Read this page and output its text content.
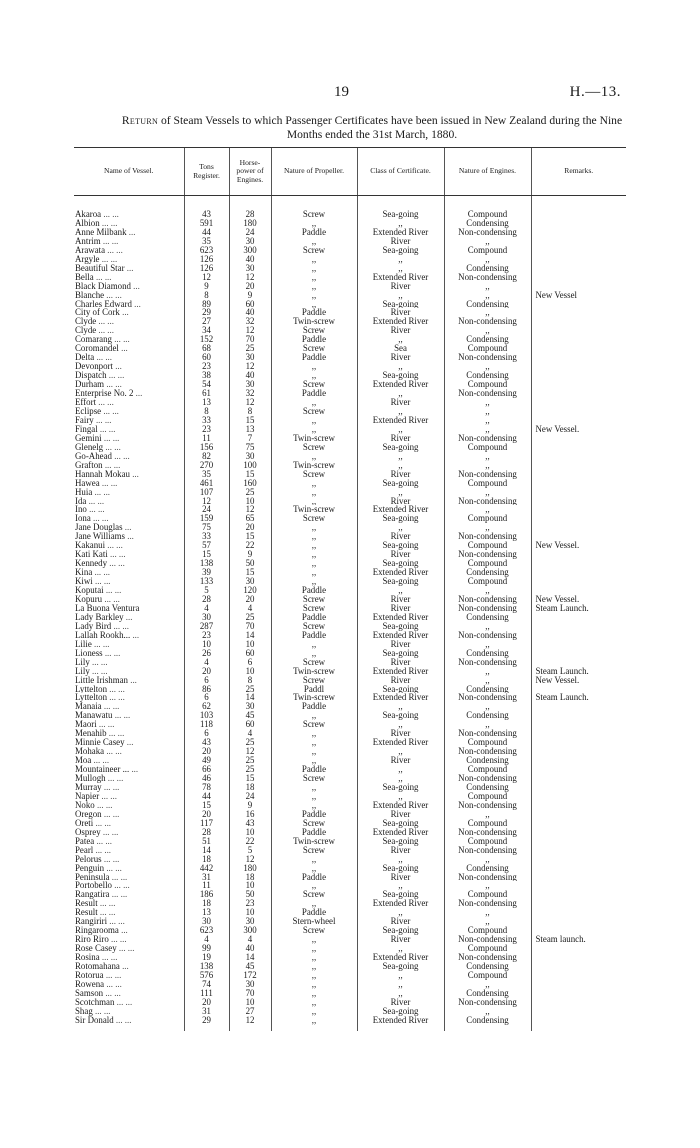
19	H.—13.
Return of Steam Vessels to which Passenger Certificates have been issued in New Zealand during the Nine Months ended the 31st March, 1880.
Name of Vessel.	Tons Register.	Horse-power of Engines.	Nature of Propeller.	Class of Certificate.	Nature of Engines.	Remarks.

Akaroa ... ...	43	28	Screw	Sea-going	Compound	
Albion ... ...	591	180	,,	,,	Condensing	
Anne Milbank ...	44	24	Paddle	Extended River	Non-condensing	
Antrim ... ...	35	30	,,	River	,,	
Arawata ... ...	623	300	Screw	Sea-going	Compound	
Argyle ... ...	126	40	,,	,,	,,	
Beautiful Star ...	126	30	,,	,,	Condensing	
Bella ... ...	12	12	,,	Extended River	Non-condensing	
Black Diamond ...	9	20	,,	River	,,	
Blanche ... ...	8	9	,,	,,	,,	New Vessel
Charles Edward ...	89	60	,,	Sea-going	Condensing	
City of Cork ...	29	40	Paddle	River	,,	
Clyde ... ...	27	32	Twin-screw	Extended River	Non-condensing	
Clyde ... ...	34	12	Screw	River	,,	
Comarang ... ...	152	70	Paddle	,,	Condensing	
Coromandel ...	68	25	Screw	Sea	Compound	
Delta ... ...	60	30	Paddle	River	Non-condensing	
Devonport ...	23	12	,,	,,	,,	
Dispatch ... ...	38	40	,,	Sea-going	Condensing	
Durham ... ...	54	30	Screw	Extended River	Compound	
Enterprise No. 2 ...	61	32	Paddle	,,	Non-condensing	
Effort ... ...	13	12	,,	River	,,	
Eclipse ... ...	8	8	Screw	,,	,,	
Fairy ... ...	33	15	,,	Extended River	,,	
Fingal ... ...	23	13	,,	,,	,,	New Vessel.
Gemini ... ...	11	7	Twin-screw	River	Non-condensing	
Glenelg ... ...	156	75	Screw	Sea-going	Compound	
Go-Ahead ... ...	82	30	,,	,,	,,	
Grafton ... ...	270	100	Twin-screw	,,	,,	
Hannah Mokau ...	35	15	Screw	River	Non-condensing	
Hawea ... ...	461	160	,,	Sea-going	Compound	
Huia ... ...	107	25	,,	,,	,,	
Ida ... ...	12	10	,,	River	Non-condensing	
Ino ... ...	24	12	Twin-screw	Extended River	,,	
Iona ... ...	159	65	Screw	Sea-going	Compound	
Jane Douglas ...	75	20	,,	,,	,,	
Jane Williams ...	33	15	,,	River	Non-condensing	
Kakanui ... ...	57	22	,,	Sea-going	Compound	New Vessel.
Kati Kati ... ...	15	9	,,	River	Non-condensing	
Kennedy ... ...	138	50	,,	Sea-going	Compound	
Kina ... ...	39	15	,,	Extended River	Condensing	
Kiwi ... ...	133	30	,,	Sea-going	Compound	
Koputai ... ...	5	120	Paddle	,,	,,	
Kopuru ... ...	28	20	Screw	River	Non-condensing	New Vessel.
La Buona Ventura	4	4	Screw	River	Non-condensing	Steam Launch.
Lady Barkley ...	30	25	Paddle	Extended River	Condensing	
Lady Bird ... ...	287	70	Screw	Sea-going	,,	
Lallah Rookh... ...	23	14	Paddle	Extended River	Non-condensing	
Lilie ... ...	10	10	,,	River	,,	
Lioness ... ...	26	60	,,	Sea-going	Condensing	
Lily ... ...	4	6	Screw	River	Non-condensing	
Lily ... ...	20	10	Twin-screw	Extended River	,,	Steam Launch.
Little Irishman ...	6	8	Screw	River	,,	New Vessel.
Lyttelton ... ...	86	25	Paddl	Sea-going	Condensing	
Lyttelton ... ...	6	14	Twin-screw	Extended River	Non-condensing	Steam Launch.
Manaia ... ...	62	30	Paddle	,,	,,	
Manawatu ... ...	103	45	,,	Sea-going	Condensing	
Maori ... ...	118	60	Screw	,,	,,	
Menahib ... ...	6	4	,,	River	Non-condensing	
Minnie Casey ...	43	25	,,	Extended River	Compound	
Mohaka ... ...	20	12	,,	,,	Non-condensing	
Moa ... ...	49	25	,,	River	Condensing	
Mountaineer ... ...	66	25	Paddle	,,	Compound	
Mullogh ... ...	46	15	Screw	,,	Non-condensing	
Murray ... ...	78	18	,,	Sea-going	Condensing	
Napier ... ...	44	24	,,	,,	Compound	
Noko ... ...	15	9	,,	Extended River	Non-condensing	
Oregon ... ...	20	16	Paddle	River	,,	
Oreti ... ...	117	43	Screw	Sea-going	Compound	
Osprey ... ...	28	10	Paddle	Extended River	Non-condensing	
Patea ... ...	51	22	Twin-screw	Sea-going	Compound	
Pearl ... ...	14	5	Screw	River	Non-condensing	
Pelorus ... ...	18	12	,,	,,	,,	
Penguin ... ...	442	180	,,	Sea-going	Condensing	
Peninsula ... ...	31	18	Paddle	River	Non-condensing	
Portobello ... ...	11	10	,,	,,	,,	
Rangatira ... ...	186	50	Screw	Sea-going	Compound	
Result ... ...	18	23	,,	Extended River	Non-condensing	
Result ... ...	13	10	Paddle	,,	,,	
Rangiriri ... ...	30	30	Stern-wheel	River	,,	
Ringarooma ...	623	300	Screw	Sea-going	Compound	
Riro Riro ... ...	4	4	,,	River	Non-condensing	Steam launch.
Rose Casey ... ...	99	40	,,	,,	Compound	
Rosina ... ...	19	14	,,	Extended River	Non-condensing	
Rotomahana ...	138	45	,,	Sea-going	Condensing	
Rotorua ... ...	576	172	,,	,,	Compound	
Rowena ... ...	74	30	,,	,,	,,	
Samson ... ...	111	70	,,	,,	Condensing	
Scotchman ... ...	20	10	,,	River	Non-condensing	
Shag ... ...	31	27	,,	Sea-going	,,	
Sir Donald ... ...	29	12	,,	Extended River	Condensing	
